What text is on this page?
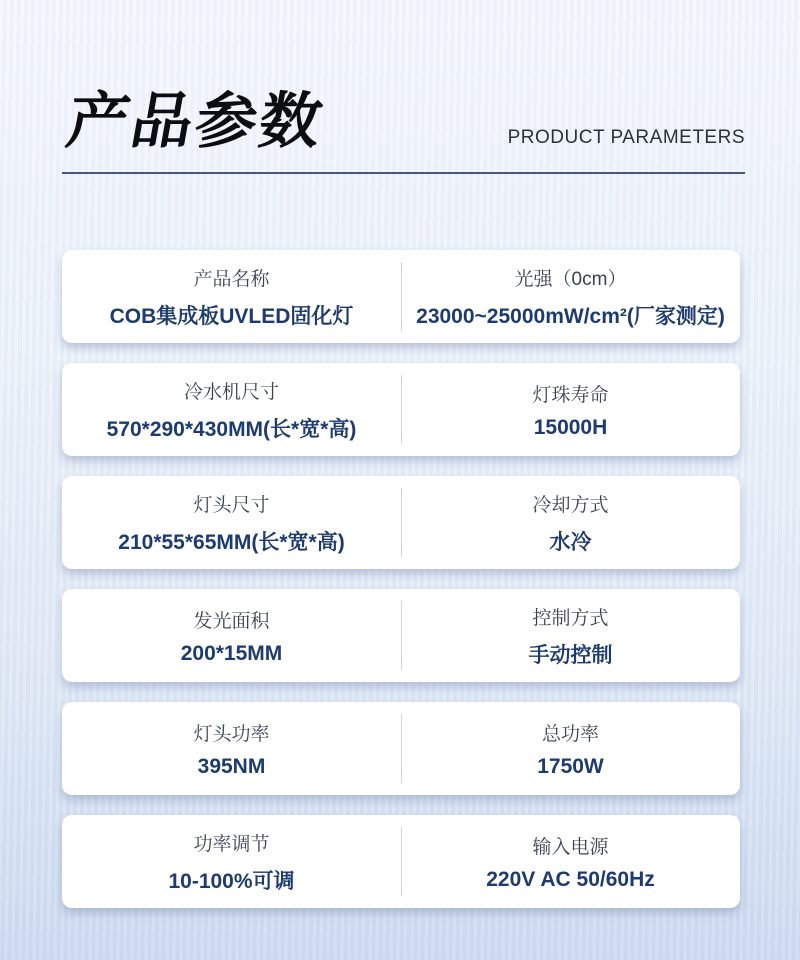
产品参数	PRODUCT PARAMETERS
产品名称
COB集成板UVLED固化灯
光强（0cm）
23000~25000mW/cm²(厂家测定)
冷水机尺寸
570*290*430MM(长*宽*高)
灯珠寿命
15000H
灯头尺寸
210*55*65MM(长*宽*高)
冷却方式
水冷
发光面积
200*15MM
控制方式
手动控制
灯头功率
395NM
总功率
1750W
功率调节
10-100%可调
输入电源
220V AC 50/60Hz
